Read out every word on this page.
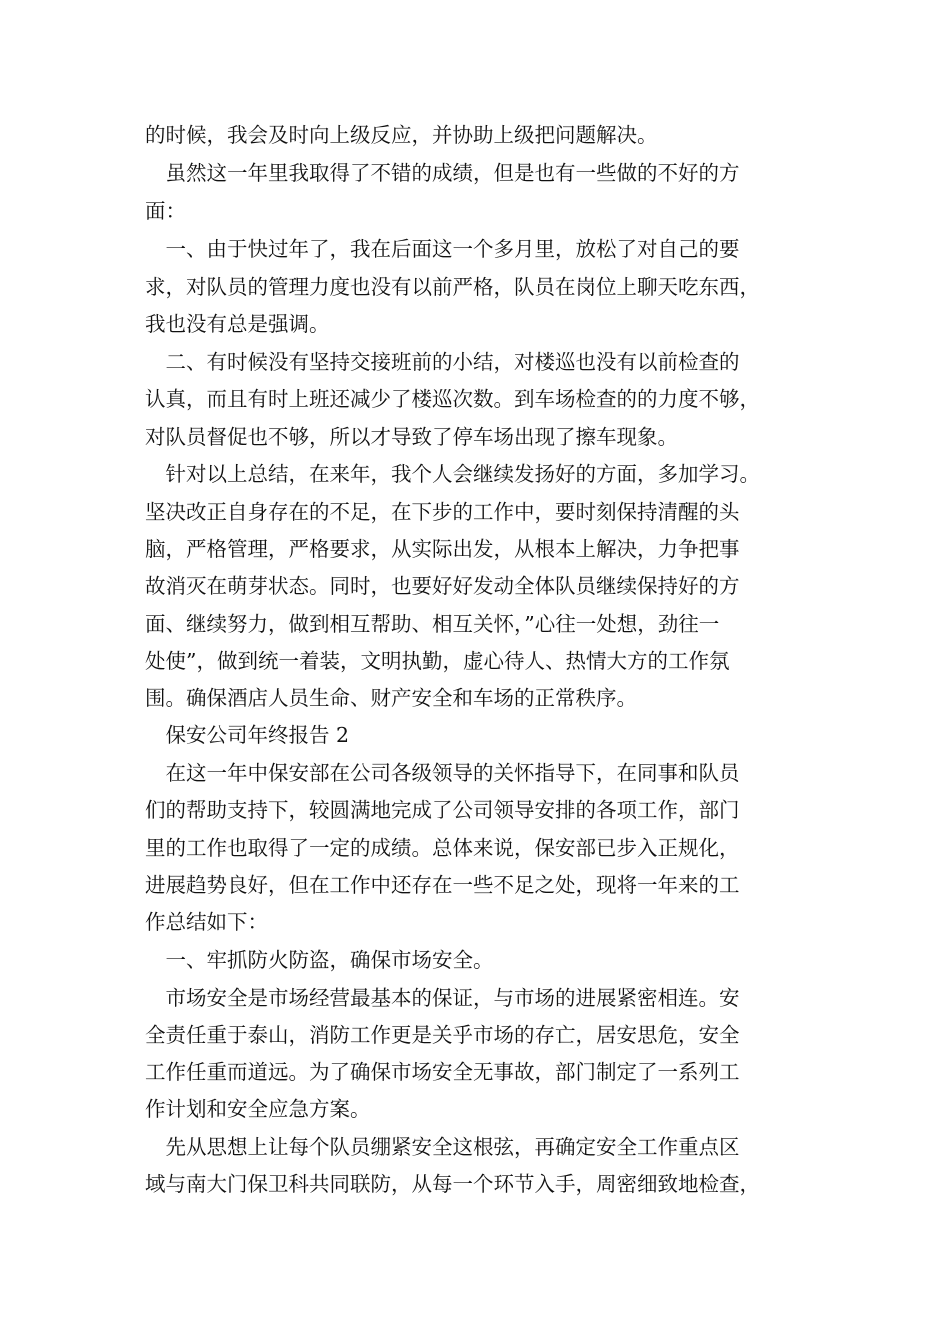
的时候，我会及时向上级反应，并协助上级把问题解决。
　虽然这一年里我取得了不错的成绩，但是也有一些做的不好的方
面：
　一、由于快过年了，我在后面这一个多月里，放松了对自己的要
求，对队员的管理力度也没有以前严格，队员在岗位上聊天吃东西，
我也没有总是强调。
　二、有时候没有坚持交接班前的小结，对楼巡也没有以前检查的
认真，而且有时上班还减少了楼巡次数。到车场检查的的力度不够，
对队员督促也不够，所以才导致了停车场出现了擦车现象。
　针对以上总结，在来年，我个人会继续发扬好的方面，多加学习。
坚决改正自身存在的不足，在下步的工作中，要时刻保持清醒的头
脑，严格管理，严格要求，从实际出发，从根本上解决，力争把事
故消灭在萌芽状态。同时，也要好好发动全体队员继续保持好的方
面、继续努力，做到相互帮助、相互关怀，”心往一处想，劲往一
处使”，做到统一着装，文明执勤，虚心待人、热情大方的工作氛
围。确保酒店人员生命、财产安全和车场的正常秩序。
　保安公司年终报告 2
　在这一年中保安部在公司各级领导的关怀指导下，在同事和队员
们的帮助支持下，较圆满地完成了公司领导安排的各项工作，部门
里的工作也取得了一定的成绩。总体来说，保安部已步入正规化，
进展趋势良好，但在工作中还存在一些不足之处，现将一年来的工
作总结如下：
　一、牢抓防火防盗，确保市场安全。
　市场安全是市场经营最基本的保证，与市场的进展紧密相连。安
全责任重于泰山，消防工作更是关乎市场的存亡，居安思危，安全
工作任重而道远。为了确保市场安全无事故，部门制定了一系列工
作计划和安全应急方案。
　先从思想上让每个队员绷紧安全这根弦，再确定安全工作重点区
域与南大门保卫科共同联防，从每一个环节入手，周密细致地检查，
